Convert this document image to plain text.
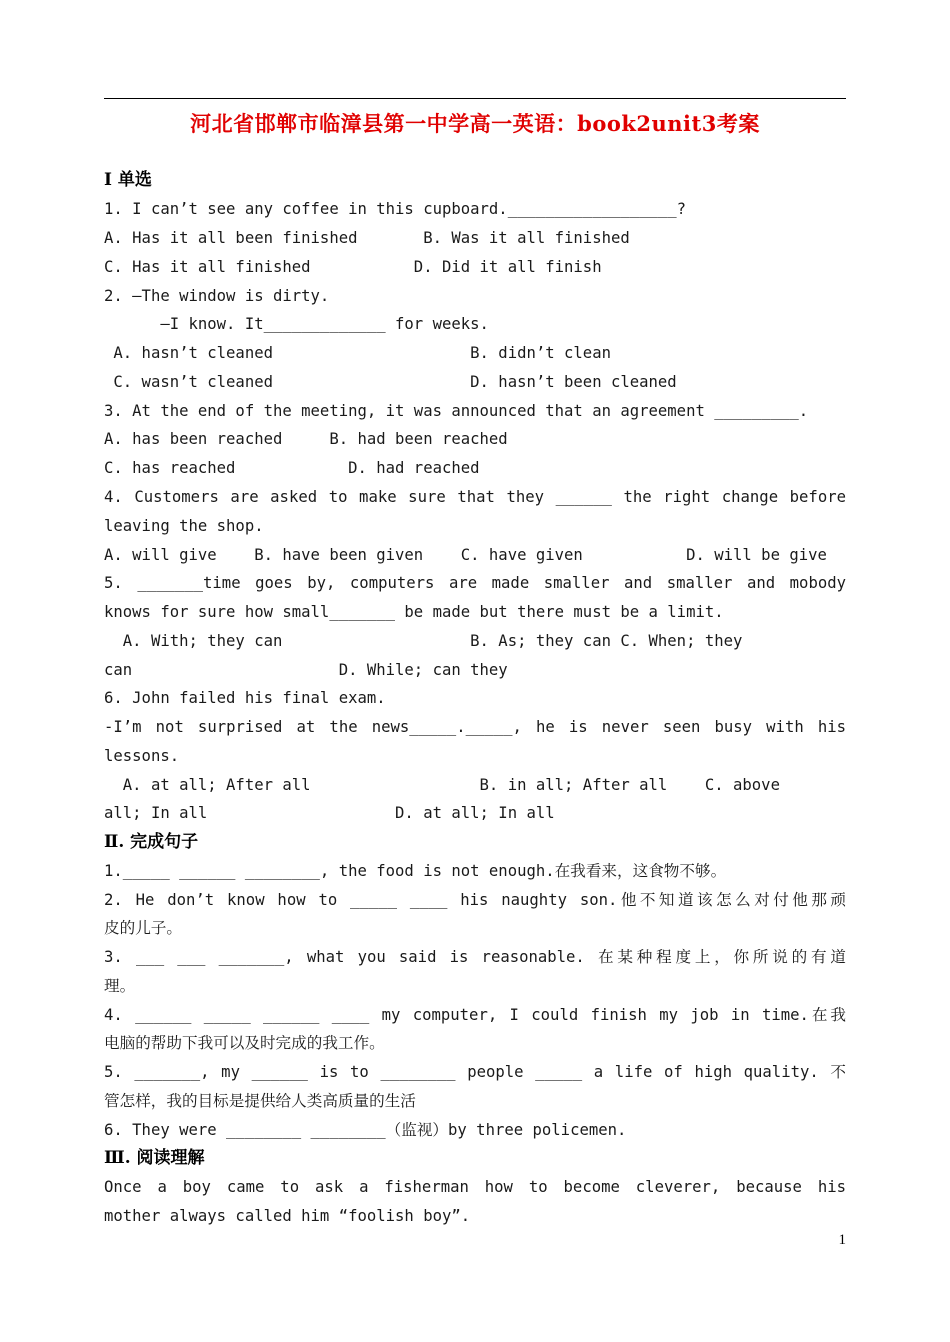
河北省邯郸市临漳县第一中学高一英语：book2unit3考案
Ⅰ 单选
1. I can’t see any coffee in this cupboard.__________________?
A. Has it all been finished       B. Was it all finished
C. Has it all finished           D. Did it all finish
2. —The window is dirty.
—I know. It_____________ for weeks.
A. hasn’t cleaned                     B. didn’t clean
C. wasn’t cleaned                     D. hasn’t been cleaned
3. At the end of the meeting, it was announced that an agreement _________.
A. has been reached     B. had been reached
C. has reached            D. had reached
4. Customers are asked to make sure that they ______ the right change before
leaving the shop.
A. will give    B. have been given    C. have given           D. will be give
5. _______time goes by, computers are made smaller and smaller and mobody
knows for sure how small_______ be made but there must be a limit.
A. With; they can                    B. As; they can C. When; they
can                      D. While; can they
6. John failed his final exam.
-I’m not surprised at the news_____._____, he is never seen busy with his
lessons.
A. at all; After all                  B. in all; After all    C. above
all; In all                    D. at all; In all
Ⅱ. 完成句子
1._____ ______ ________, the food is not enough.在我看来，这食物不够。
2. He don’t know how to _____ ____ his naughty son.他不知道该怎么对付他那顽
皮的儿子。
3. ___ ___ _______, what you said is reasonable. 在某种程度上，你所说的有道
理。
4. ______ _____ ______ ____ my computer, I could finish my job in time.在我
电脑的帮助下我可以及时完成的我工作。
5. _______, my ______ is to ________ people _____ a life of high quality. 不
管怎样，我的目标是提供给人类高质量的生活
6. They were ________ ________（监视）by three policemen.
Ⅲ. 阅读理解
Once a boy came to ask a fisherman how to become cleverer, because his
mother always called him “foolish boy”.
1
